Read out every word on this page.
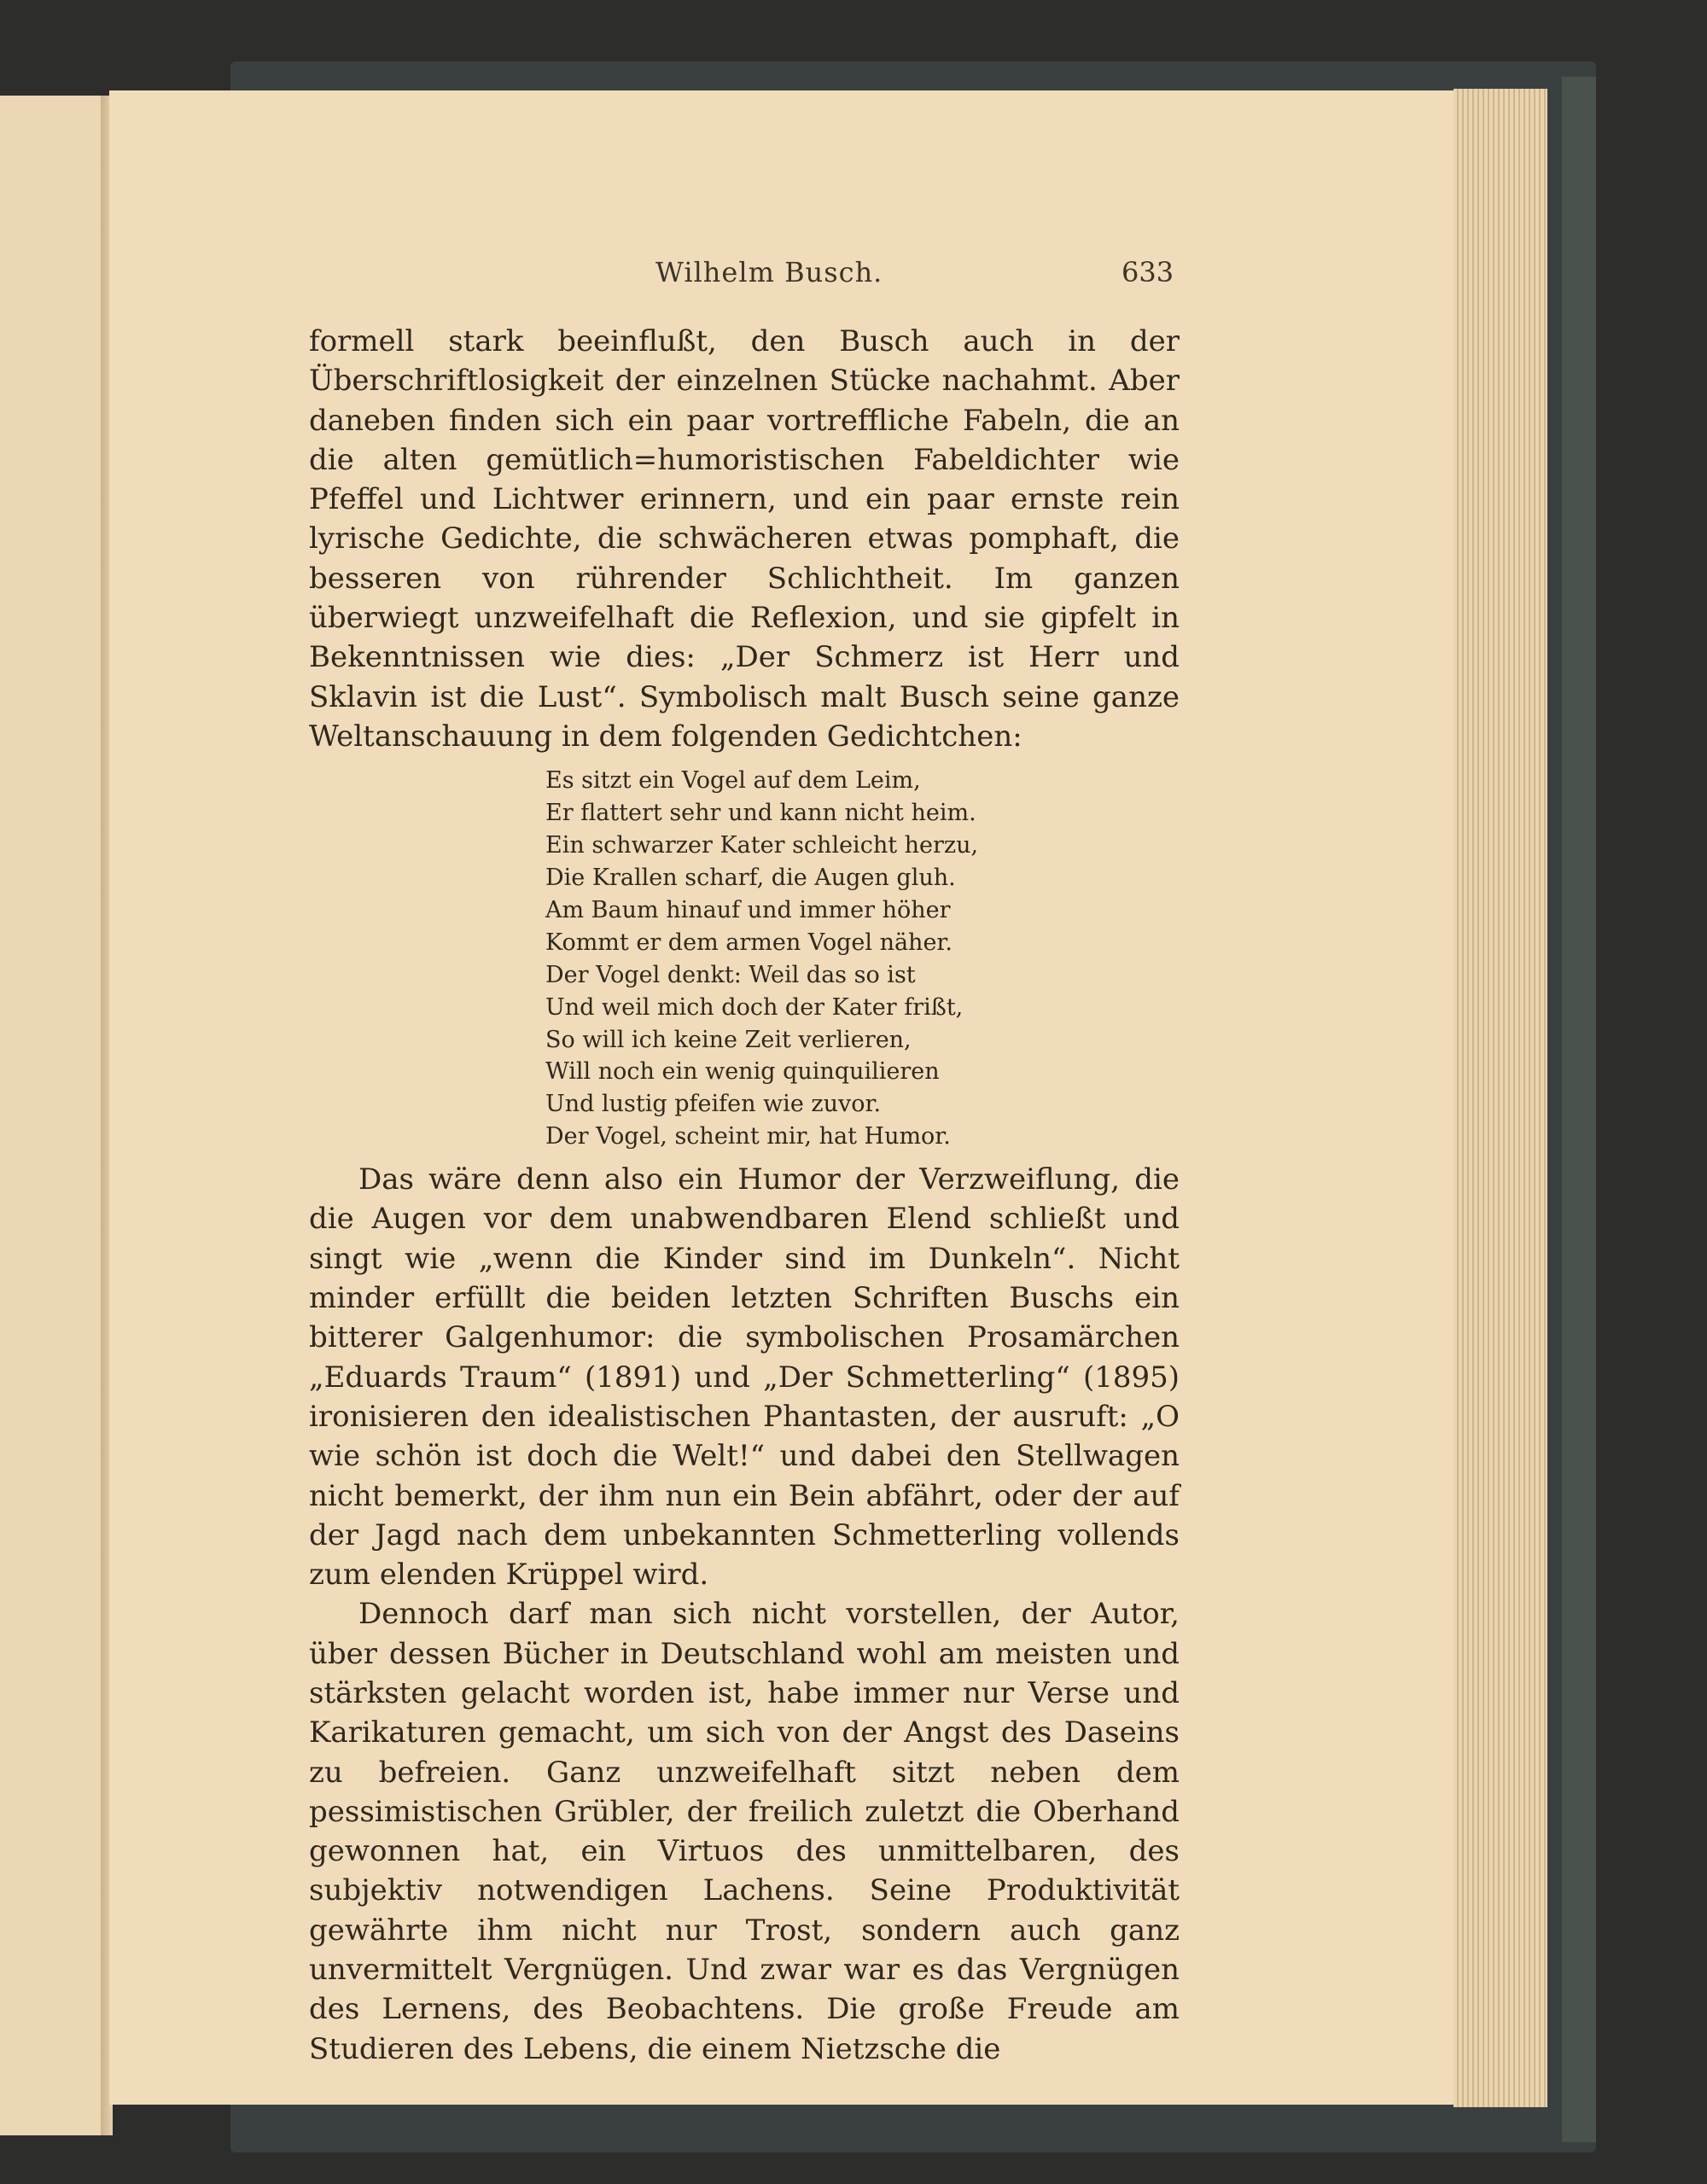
Wilhelm Busch.	633

formell stark beeinflußt, den Busch auch in der Überschriftlosigkeit der einzelnen Stücke nachahmt. Aber daneben finden sich ein paar vortreffliche Fabeln, die an die alten gemütlich=humoristischen Fabeldichter wie Pfeffel und Lichtwer erinnern, und ein paar ernste rein lyrische Gedichte, die schwächeren etwas pomphaft, die besseren von rührender Schlichtheit. Im ganzen überwiegt unzweifelhaft die Reflexion, und sie gipfelt in Bekenntnissen wie dies: „Der Schmerz ist Herr und Sklavin ist die Lust“. Symbolisch malt Busch seine ganze Weltanschauung in dem folgenden Gedichtchen:

Es sitzt ein Vogel auf dem Leim,
Er flattert sehr und kann nicht heim.
Ein schwarzer Kater schleicht herzu,
Die Krallen scharf, die Augen gluh.
Am Baum hinauf und immer höher
Kommt er dem armen Vogel näher.
Der Vogel denkt: Weil das so ist
Und weil mich doch der Kater frißt,
So will ich keine Zeit verlieren,
Will noch ein wenig quinquilieren
Und lustig pfeifen wie zuvor.
Der Vogel, scheint mir, hat Humor.

Das wäre denn also ein Humor der Verzweiflung, die die Augen vor dem unabwendbaren Elend schließt und singt wie „wenn die Kinder sind im Dunkeln“. Nicht minder erfüllt die beiden letzten Schriften Buschs ein bitterer Galgenhumor: die symbolischen Prosamärchen „Eduards Traum“ (1891) und „Der Schmetterling“ (1895) ironisieren den idealistischen Phantasten, der ausruft: „O wie schön ist doch die Welt!“ und dabei den Stellwagen nicht bemerkt, der ihm nun ein Bein abfährt, oder der auf der Jagd nach dem unbekannten Schmetterling vollends zum elenden Krüppel wird.

Dennoch darf man sich nicht vorstellen, der Autor, über dessen Bücher in Deutschland wohl am meisten und stärksten gelacht worden ist, habe immer nur Verse und Karikaturen gemacht, um sich von der Angst des Daseins zu befreien. Ganz unzweifelhaft sitzt neben dem pessimistischen Grübler, der freilich zuletzt die Oberhand gewonnen hat, ein Virtuos des unmittelbaren, des subjektiv notwendigen Lachens. Seine Produktivität gewährte ihm nicht nur Trost, sondern auch ganz unvermittelt Vergnügen. Und zwar war es das Vergnügen des Lernens, des Beobachtens. Die große Freude am Studieren des Lebens, die einem Nietzsche die
